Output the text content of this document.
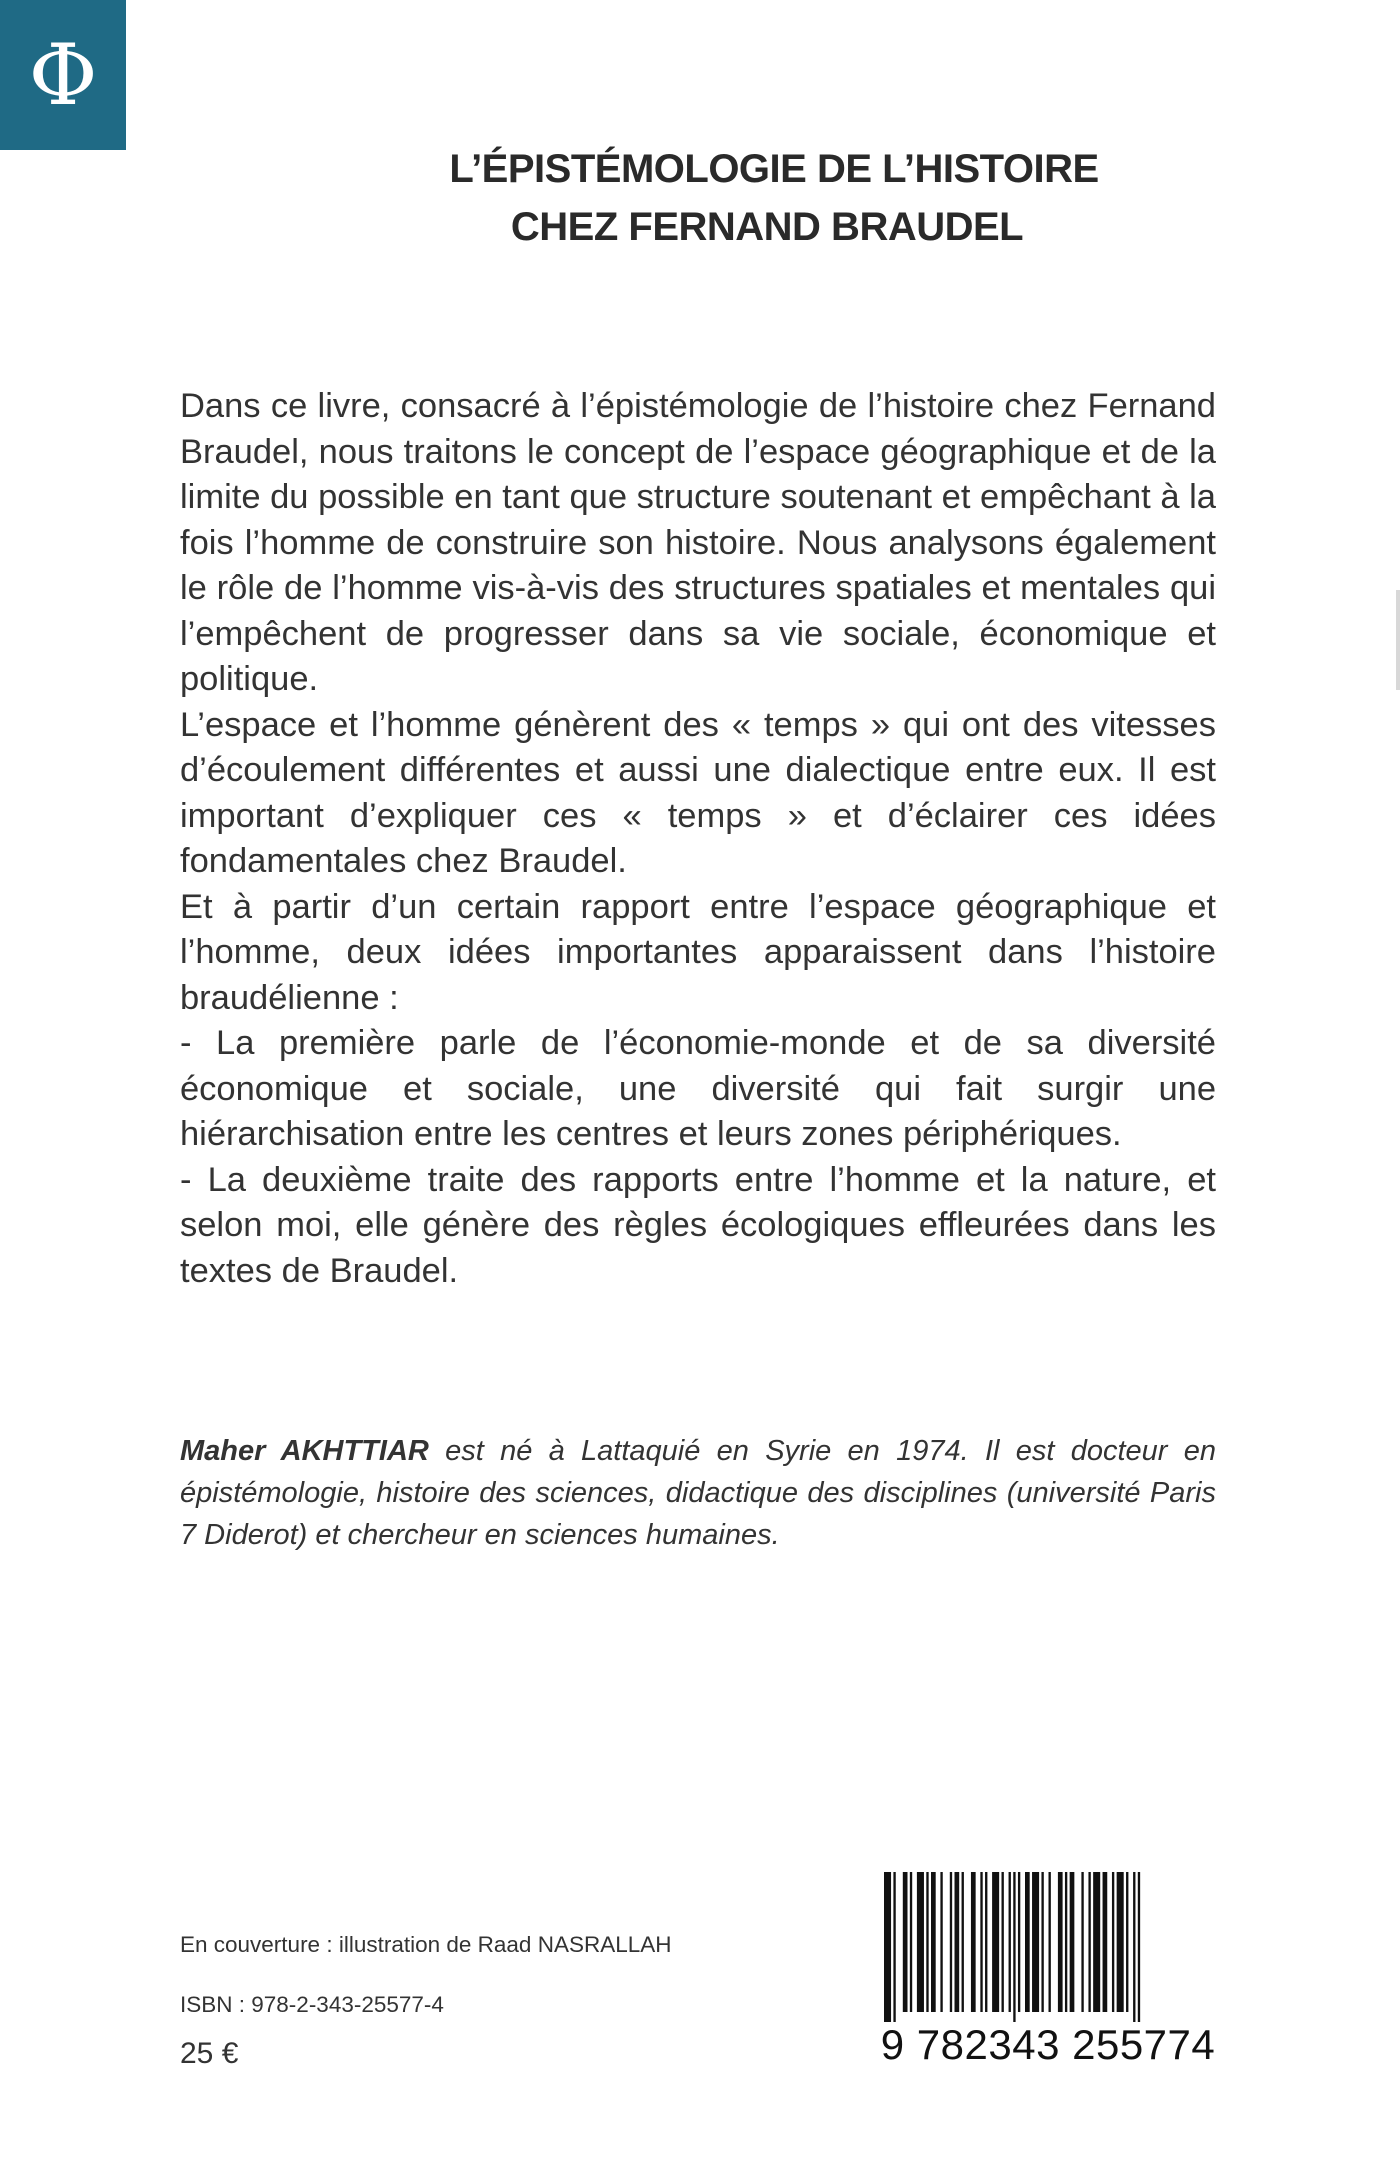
Φ
L’ÉPISTÉMOLOGIE DE L’HISTOIRE
CHEZ FERNAND BRAUDEL

Dans ce livre, consacré à l’épistémologie de l’histoire chez Fernand Braudel, nous traitons le concept de l’espace géographique et de la limite du possible en tant que structure soutenant et empêchant à la fois l’homme de construire son histoire. Nous analysons également le rôle de l’homme vis-à-vis des structures spatiales et mentales qui l’empêchent de progresser dans sa vie sociale, économique et politique.

L’espace et l’homme génèrent des « temps » qui ont des vitesses d’écoulement différentes et aussi une dialectique entre eux. Il est important d’expliquer ces « temps » et d’éclairer ces idées fondamentales chez Braudel.

Et à partir d’un certain rapport entre l’espace géographique et l’homme, deux idées importantes apparaissent dans l’histoire braudélienne :

- La première parle de l’économie-monde et de sa diversité économique et sociale, une diversité qui fait surgir une hiérarchisation entre les centres et leurs zones périphériques.

- La deuxième traite des rapports entre l’homme et la nature, et selon moi, elle génère des règles écologiques effleurées dans les textes de Braudel.

Maher AKHTTIAR est né à Lattaquié en Syrie en 1974. Il est docteur en épistémologie, histoire des sciences, didactique des disciplines (université Paris 7 Diderot) et chercheur en sciences humaines.
En couverture : illustration de Raad NASRALLAH
ISBN : 978-2-343-25577-4
25 €	9 782343 255774
